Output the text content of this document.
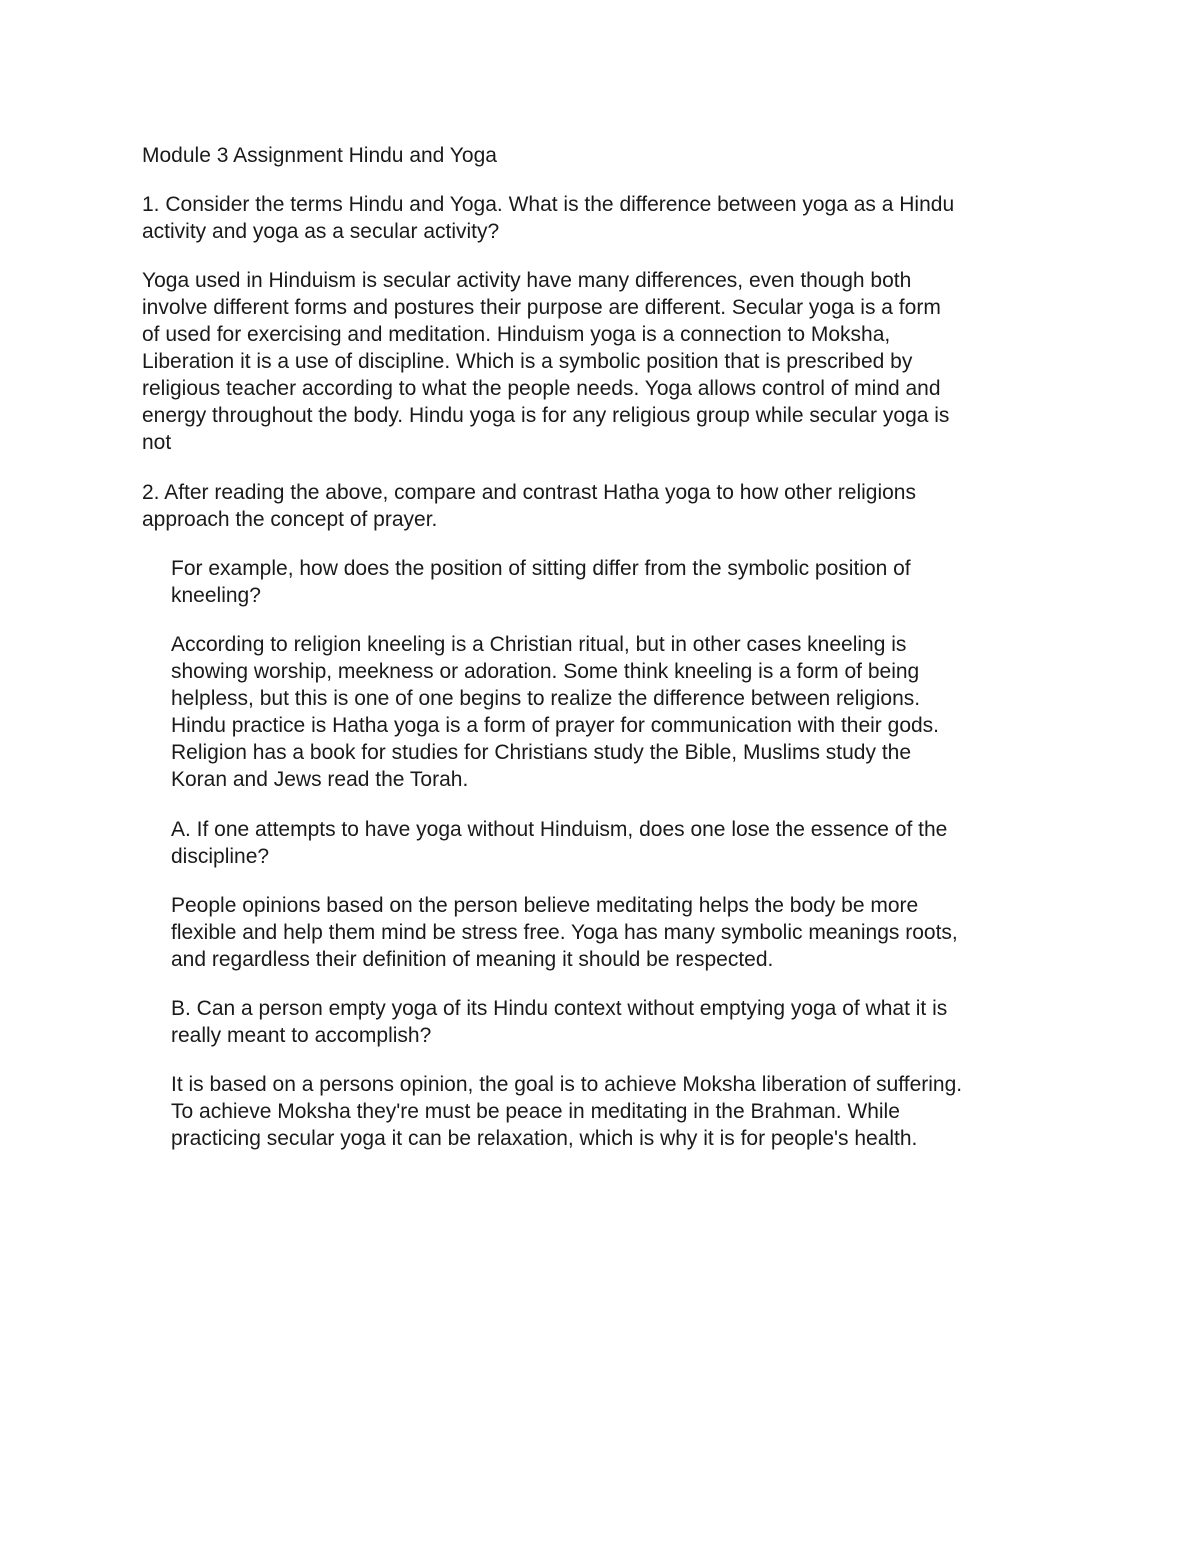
Module 3 Assignment Hindu and Yoga
1. Consider the terms Hindu and Yoga. What is the difference between yoga as a Hindu
activity and yoga as a secular activity?
Yoga used in Hinduism is secular activity have many differences, even though both
involve different forms and postures their purpose are different. Secular yoga is a form
of used for exercising and meditation. Hinduism yoga is a connection to Moksha,
Liberation it is a use of discipline. Which is a symbolic position that is prescribed by
religious teacher according to what the people needs. Yoga allows control of mind and
energy throughout the body. Hindu yoga is for any religious group while secular yoga is
not
2. After reading the above, compare and contrast Hatha yoga to how other religions
approach the concept of prayer.
For example, how does the position of sitting differ from the symbolic position of
kneeling?
According to religion kneeling is a Christian ritual, but in other cases kneeling is
showing worship, meekness or adoration. Some think kneeling is a form of being
helpless, but this is one of one begins to realize the difference between religions.
Hindu practice is Hatha yoga is a form of prayer for communication with their gods.
Religion has a book for studies for Christians study the Bible, Muslims study the
Koran and Jews read the Torah.
A. If one attempts to have yoga without Hinduism, does one lose the essence of the
discipline?
People opinions based on the person believe meditating helps the body be more
flexible and help them mind be stress free. Yoga has many symbolic meanings roots,
and regardless their definition of meaning it should be respected.
B. Can a person empty yoga of its Hindu context without emptying yoga of what it is
really meant to accomplish?
It is based on a persons opinion, the goal is to achieve Moksha liberation of suffering.
To achieve Moksha they're must be peace in meditating in the Brahman. While
practicing secular yoga it can be relaxation, which is why it is for people's health.
